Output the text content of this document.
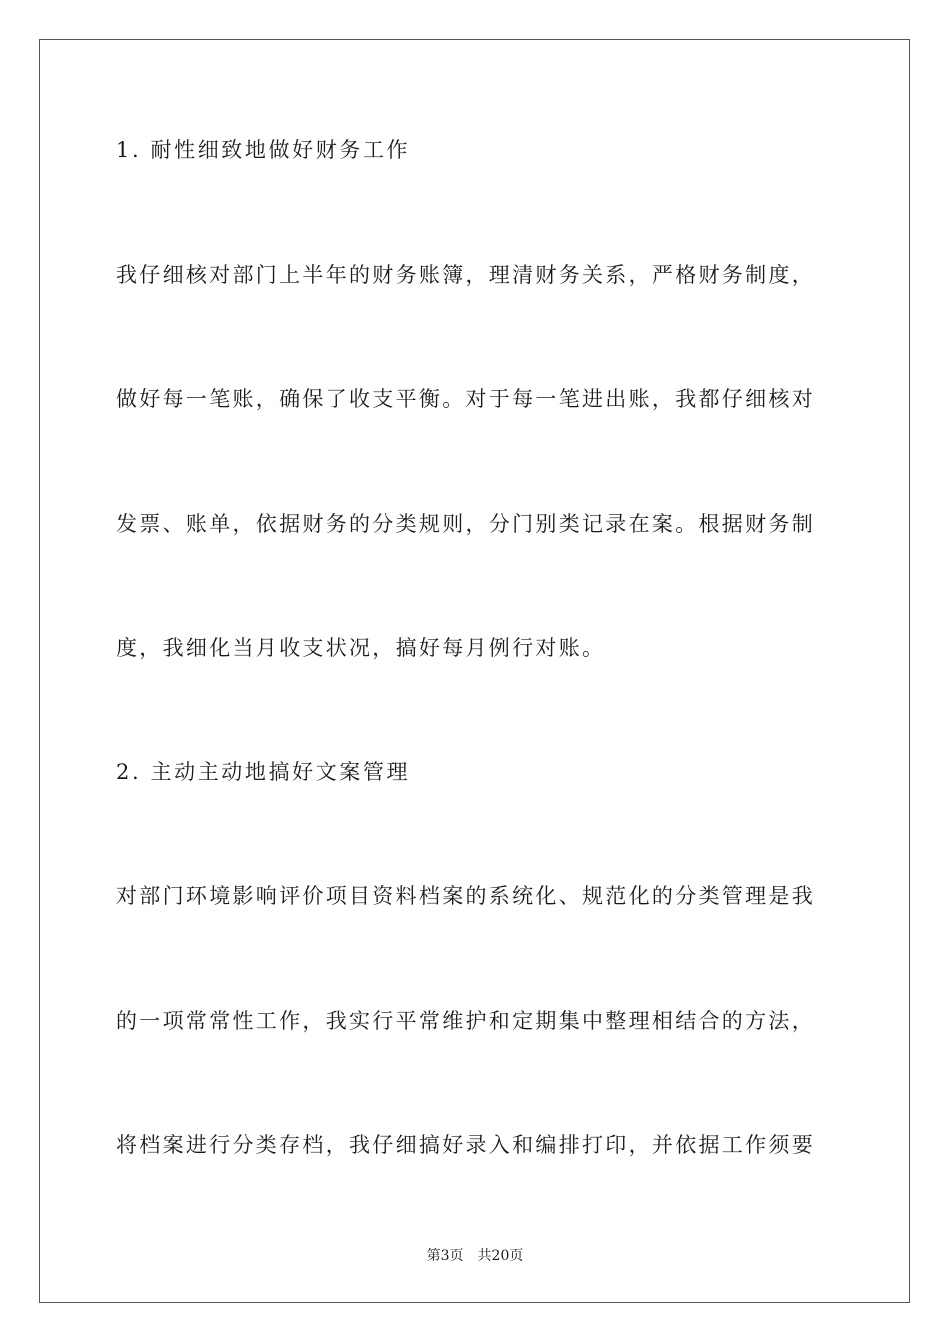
1. 耐性细致地做好财务工作
我仔细核对部门上半年的财务账簿，理清财务关系，严格财务制度，
做好每一笔账，确保了收支平衡。对于每一笔进出账，我都仔细核对
发票、账单，依据财务的分类规则，分门别类记录在案。根据财务制
度，我细化当月收支状况，搞好每月例行对账。
2. 主动主动地搞好文案管理
对部门环境影响评价项目资料档案的系统化、规范化的分类管理是我
的一项常常性工作，我实行平常维护和定期集中整理相结合的方法，
将档案进行分类存档，我仔细搞好录入和编排打印，并依据工作须要
第3页 共20页
